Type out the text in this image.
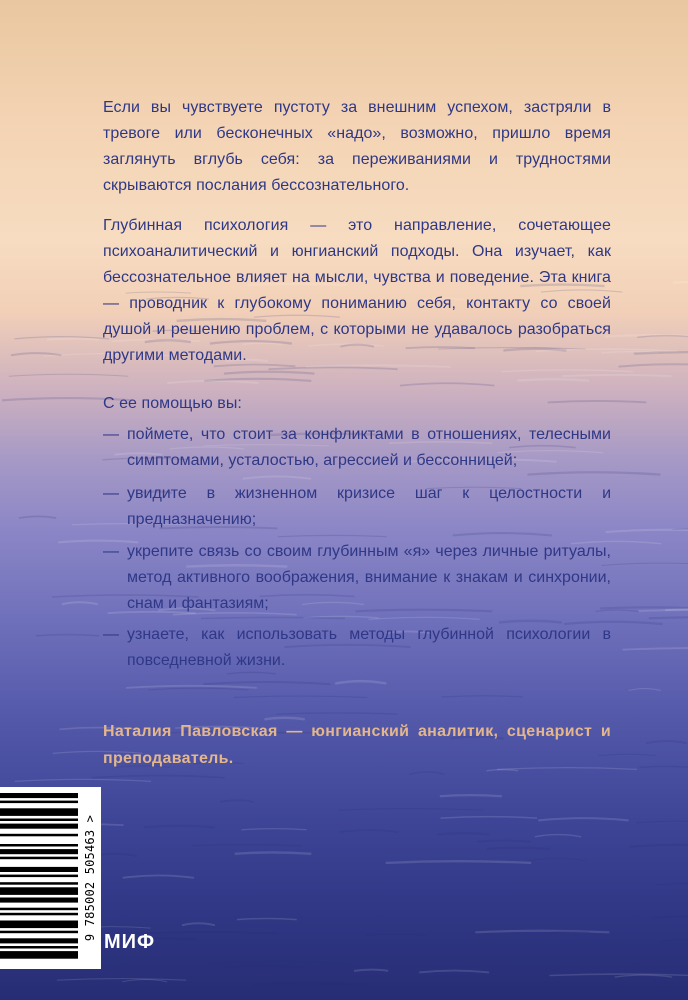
Если вы чувствуете пустоту за внешним успехом, застряли в тревоге или бесконечных «надо», возможно, пришло время заглянуть вглубь себя: за переживаниями и трудностями скрываются послания бессознательного.
Глубинная психология — это направление, сочетающее психоаналитический и юнгианский подходы. Она изучает, как бессознательное влияет на мысли, чувства и поведение. Эта книга — проводник к глубокому пониманию себя, контакту со своей душой и решению проблем, с которыми не удавалось разобраться другими методами.
С ее помощью вы:
— поймете, что стоит за конфликтами в отношениях, телесными симптомами, усталостью, агрессией и бессонницей;
— увидите в жизненном кризисе шаг к целостности и предназначению;
— укрепите связь со своим глубинным «я» через личные ритуалы, метод активного воображения, внимание к знакам и синхронии, снам и фантазиям;
— узнаете, как использовать методы глубинной психологии в повседневной жизни.
Наталия Павловская — юнгианский аналитик, сценарист и преподаватель.
9 785002 505463 >
МИФ
